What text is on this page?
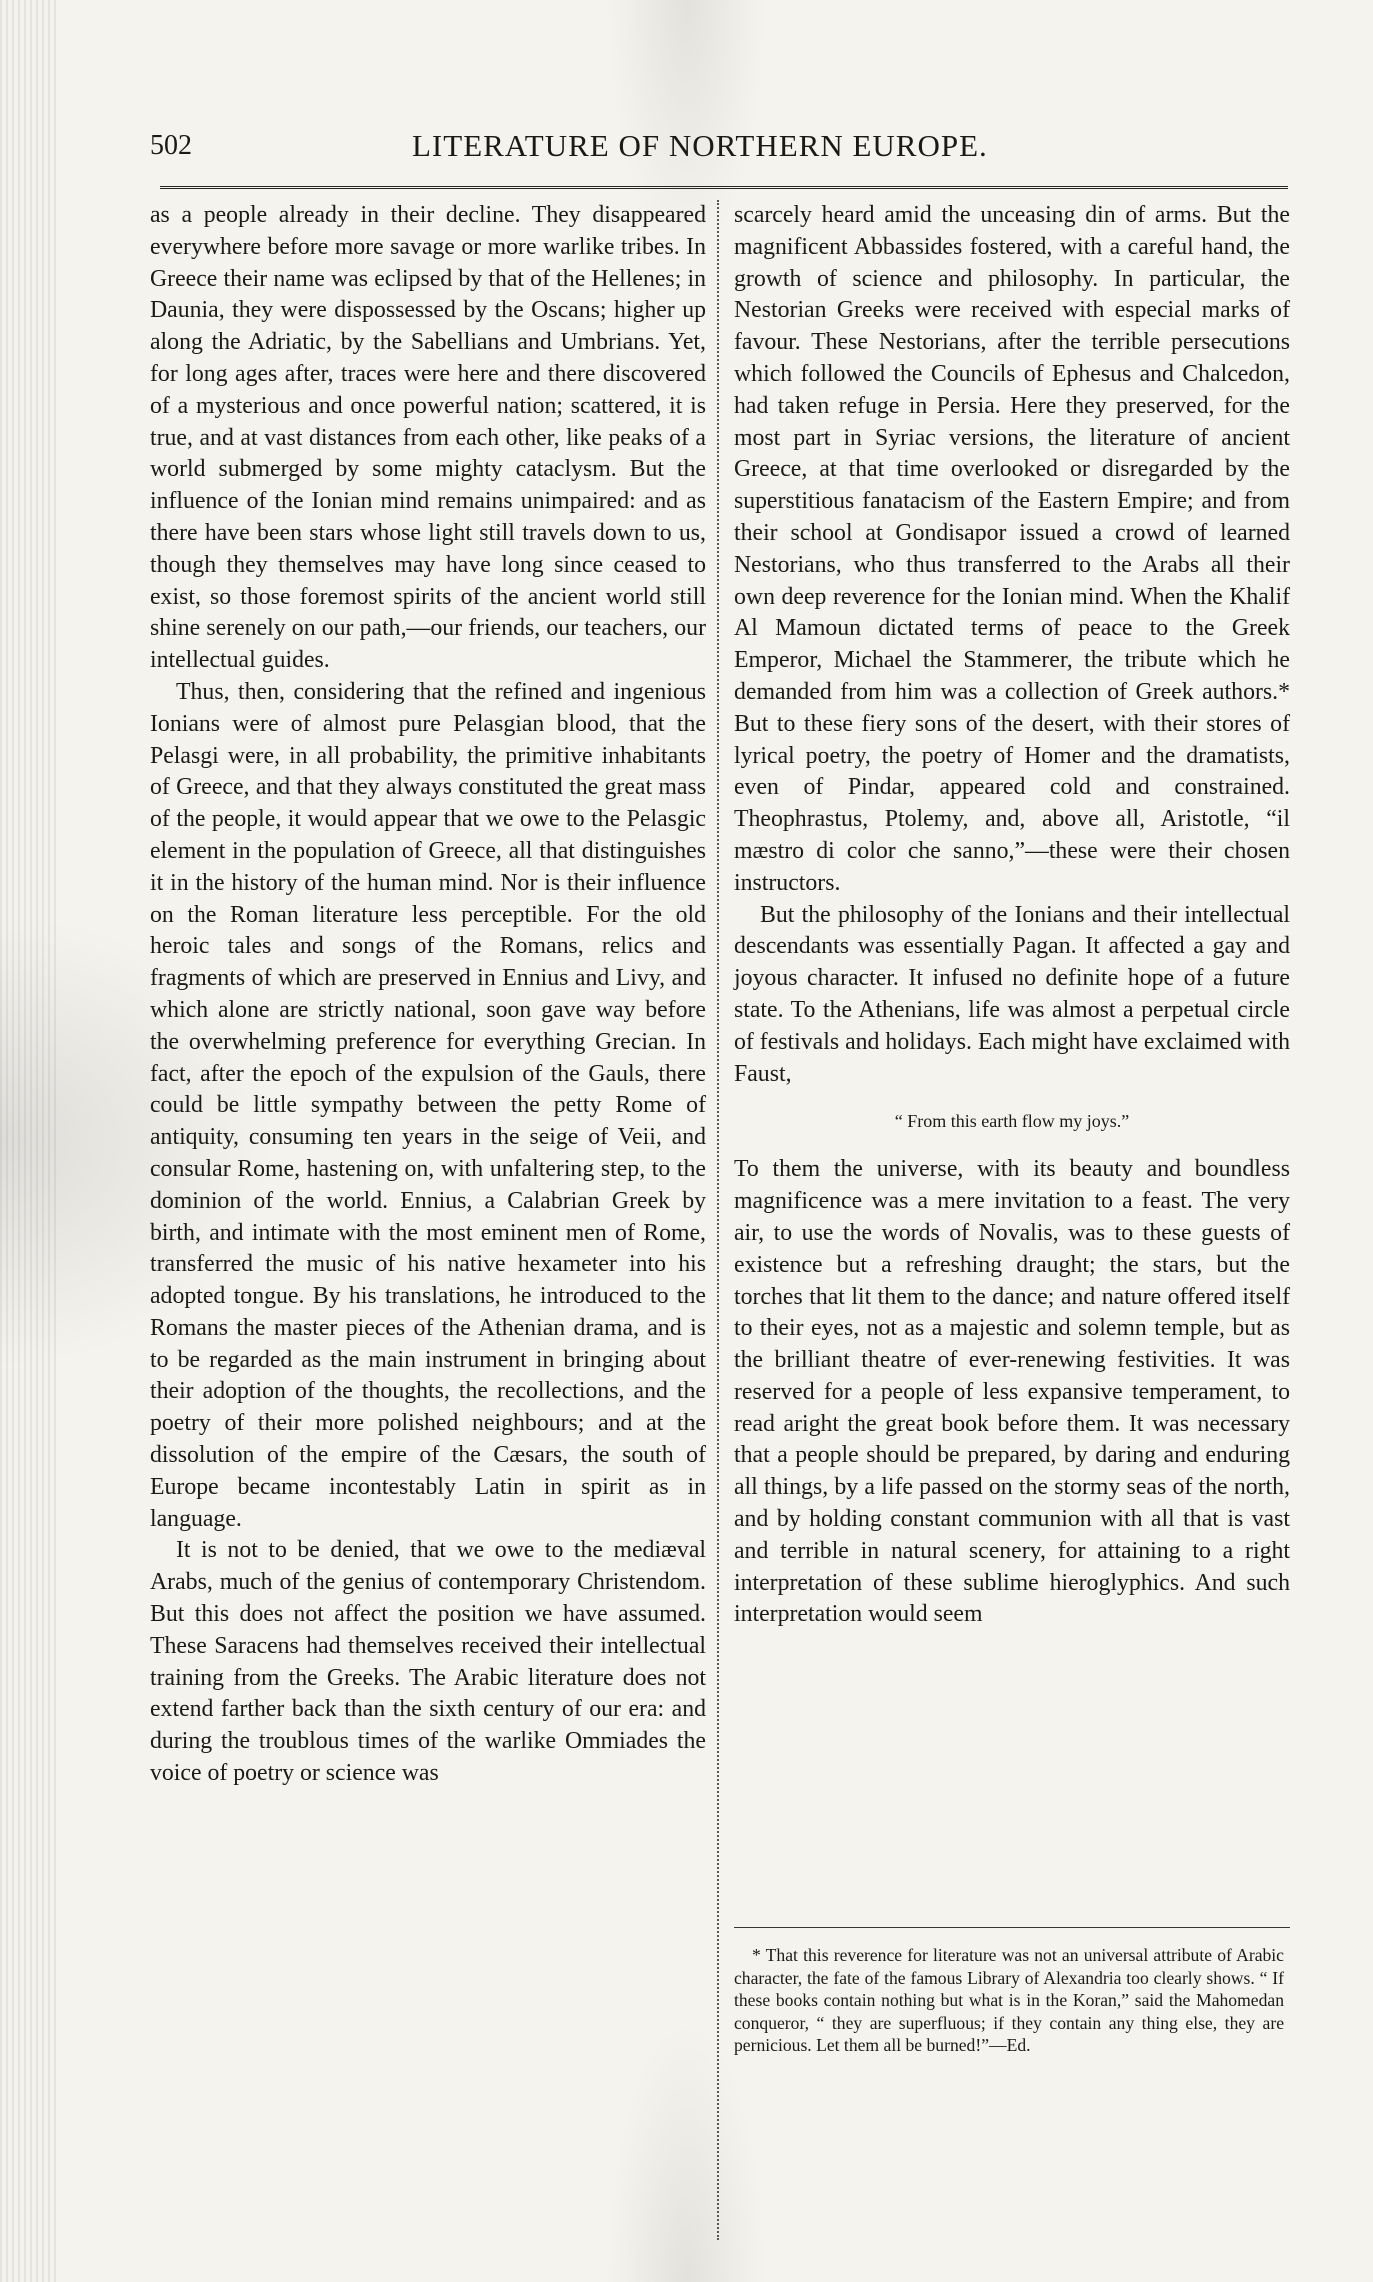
502	LITERATURE OF NORTHERN EUROPE.

as a people already in their decline. They disappeared everywhere before more savage or more warlike tribes. In Greece their name was eclipsed by that of the Hellenes; in Daunia, they were dispossessed by the Oscans; higher up along the Adriatic, by the Sabellians and Umbrians. Yet, for long ages after, traces were here and there discovered of a mysterious and once powerful nation; scattered, it is true, and at vast distances from each other, like peaks of a world submerged by some mighty cataclysm. But the influence of the Ionian mind remains unimpaired: and as there have been stars whose light still travels down to us, though they themselves may have long since ceased to exist, so those foremost spirits of the ancient world still shine serenely on our path,—our friends, our teachers, our intellectual guides.

Thus, then, considering that the refined and ingenious Ionians were of almost pure Pelasgian blood, that the Pelasgi were, in all probability, the primitive inhabitants of Greece, and that they always constituted the great mass of the people, it would appear that we owe to the Pelasgic element in the population of Greece, all that distinguishes it in the history of the human mind. Nor is their influence on the Roman literature less perceptible. For the old heroic tales and songs of the Romans, relics and fragments of which are preserved in Ennius and Livy, and which alone are strictly national, soon gave way before the overwhelming preference for everything Grecian. In fact, after the epoch of the expulsion of the Gauls, there could be little sympathy between the petty Rome of antiquity, consuming ten years in the seige of Veii, and consular Rome, hastening on, with unfaltering step, to the dominion of the world. Ennius, a Calabrian Greek by birth, and intimate with the most eminent men of Rome, transferred the music of his native hexameter into his adopted tongue. By his translations, he introduced to the Romans the master pieces of the Athenian drama, and is to be regarded as the main instrument in bringing about their adoption of the thoughts, the recollections, and the poetry of their more polished neighbours; and at the dissolution of the empire of the Cæsars, the south of Europe became incontestably Latin in spirit as in language.

It is not to be denied, that we owe to the mediæval Arabs, much of the genius of contemporary Christendom. But this does not affect the position we have assumed. These Saracens had themselves received their intellectual training from the Greeks. The Arabic literature does not extend farther back than the sixth century of our era: and during the troublous times of the warlike Ommiades the voice of poetry or science was

scarcely heard amid the unceasing din of arms. But the magnificent Abbassides fostered, with a careful hand, the growth of science and philosophy. In particular, the Nestorian Greeks were received with especial marks of favour. These Nestorians, after the terrible persecutions which followed the Councils of Ephesus and Chalcedon, had taken refuge in Persia. Here they preserved, for the most part in Syriac versions, the literature of ancient Greece, at that time overlooked or disregarded by the superstitious fanatacism of the Eastern Empire; and from their school at Gondisapor issued a crowd of learned Nestorians, who thus transferred to the Arabs all their own deep reverence for the Ionian mind. When the Khalif Al Mamoun dictated terms of peace to the Greek Emperor, Michael the Stammerer, the tribute which he demanded from him was a collection of Greek authors.* But to these fiery sons of the desert, with their stores of lyrical poetry, the poetry of Homer and the dramatists, even of Pindar, appeared cold and constrained. Theophrastus, Ptolemy, and, above all, Aristotle, “il mæstro di color che sanno,”—these were their chosen instructors.

But the philosophy of the Ionians and their intellectual descendants was essentially Pagan. It affected a gay and joyous character. It infused no definite hope of a future state. To the Athenians, life was almost a perpetual circle of festivals and holidays. Each might have exclaimed with Faust,

“ From this earth flow my joys.”

To them the universe, with its beauty and boundless magnificence was a mere invitation to a feast. The very air, to use the words of Novalis, was to these guests of existence but a refreshing draught; the stars, but the torches that lit them to the dance; and nature offered itself to their eyes, not as a majestic and solemn temple, but as the brilliant theatre of ever-renewing festivities. It was reserved for a people of less expansive temperament, to read aright the great book before them. It was necessary that a people should be prepared, by daring and enduring all things, by a life passed on the stormy seas of the north, and by holding constant communion with all that is vast and terrible in natural scenery, for attaining to a right interpretation of these sublime hieroglyphics. And such interpretation would seem

* That this reverence for literature was not an universal attribute of Arabic character, the fate of the famous Library of Alexandria too clearly shows. “ If these books contain nothing but what is in the Koran,” said the Mahomedan conqueror, “ they are superfluous; if they contain any thing else, they are pernicious. Let them all be burned!”—Ed.
